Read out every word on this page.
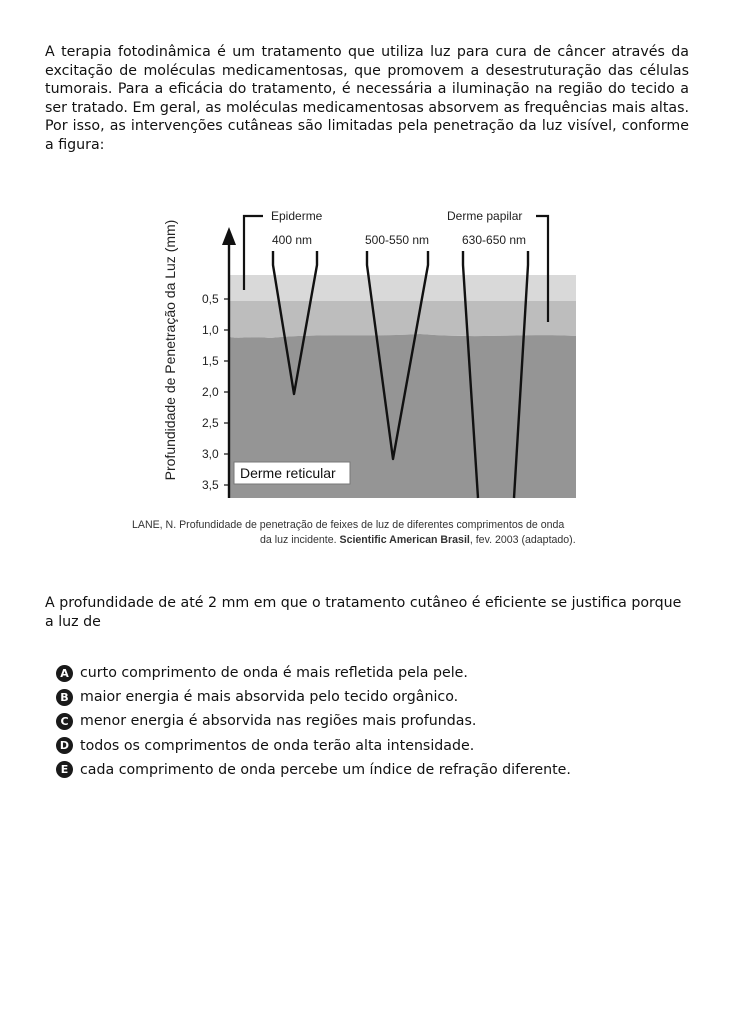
A terapia fotodinâmica é um tratamento que utiliza luz para cura de câncer através da excitação de moléculas medicamentosas, que promovem a desestruturação das células tumorais. Para a eficácia do tratamento, é necessária a iluminação na região do tecido a ser tratado. Em geral, as moléculas medicamentosas absorvem as frequências mais altas. Por isso, as intervenções cutâneas são limitadas pela penetração da luz visível, conforme a figura:

0,5
1,0
1,5
2,0
2,5
3,0
3,5
Profundidade de Penetração da Luz (mm)
Epiderme	Derme papilar
400 nm	500-550 nm	630-650 nm
Derme reticular
LANE, N. Profundidade de penetração de feixes de luz de diferentes comprimentos de onda
da luz incidente. Scientific American Brasil, fev. 2003 (adaptado).

A profundidade de até 2 mm em que o tratamento cutâneo é eficiente se justifica porque a luz de

A curto comprimento de onda é mais refletida pela pele.
B maior energia é mais absorvida pelo tecido orgânico.
C menor energia é absorvida nas regiões mais profundas.
D todos os comprimentos de onda terão alta intensidade.
E cada comprimento de onda percebe um índice de refração diferente.
